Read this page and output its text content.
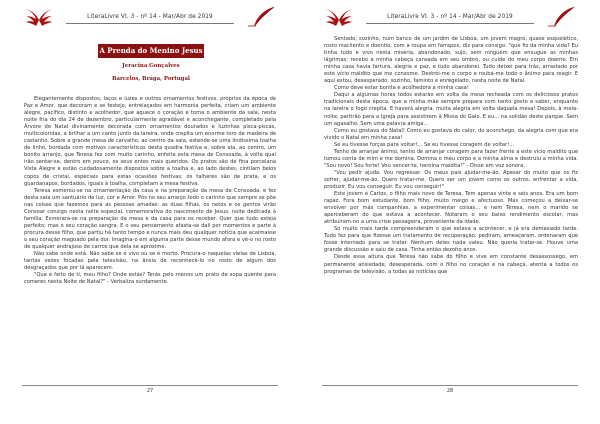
LiteraLivre VI. 3 - nº 14 - Mar/Abr de 2019
A Prenda do Menino Jesus
Jeracina Gonçalves
Barcelos, Braga, Portugal

Elegantemente dispostos, laços e luzes e outros ornamentos festivos, próprios da época de Paz e Amor, que decoram e se festejo, entrelaçados em harmonia perfeita, criam um ambiente alegre, pacífico, distinto e acolhedor, que aquece o coração e toma o ambiente da sala, nesta noite fria do dia 24 de dezembro, particularmente agradável e aconchegante, completado pela Árvore de Natal divinamente decorada com ornamentos dourados e luzinhas pisca-piscas, multicoloridas, a brilhar a um canto junto da lareira, onde crepita um enorme toro de madeira de castanho. Sobre a grande mesa de carvalho, ao centro da sala, estende-se uma lindíssima toalha de linho, bordada com motivos característicos desta quadra festiva e, sobre ela, ao centro, um bonito arranjo, que Teresa fez com muito carinho, enfeita esta mesa de Consoada, à volta qual irão sentar-se, dentro em pouco, os seus entes mais queridos. Os pratos são de fina porcelana Vista Alegre e estão cuidadosamente dispostos sobre a toalha e, ao lado destes, cintilam belos copos de cristal, especiais para estas ocasiões festivas; os talheres são de prata, e os guardanapos, bordados, iguais à toalha, completam a mesa festiva.

Teresa esmerou-se na ornamentação da casa e na preparação da mesa de Consoada, e fez desta sala um santuário de luz, cor e Amor. Pôs no seu arranjo todo o carinho que sempre se põe nas coisas que fazemos para as pessoas amadas: as duas filhas, os netos e os genros virão Consoar consigo nesta noite especial, comemorativa do nascimento de Jesus; noite dedicada à família. Esmerara-se na preparação da mesa e da casa para os receber. Quer que tudo esteja perfeito; mas o seu coração sangra. E o seu pensamento afasta-se dali por momentos e parte à procura desse filho, que partiu há tanto tempo e nunca mais deu qualquer notícia que acalmasse o seu coração magoado pela dor. Imagina-o em alguma parte desse mundo afora e vê-o no rosto de qualquer andrajoso de carros que dela se aproxime.

Não sabe onde está. Não sabe se é vivo ou se é morto. Procura-o naquelas vielas de Lisboa, tantas vezes focadas pela televisão, na ânsia de reconhecê-lo no rosto de algum dos desgraçados que por lá aparecem.

"Que é feito de ti, meu filho? Onde estás? Terás pelo menos um prato de sopa quente para comeres nesta Noite de Natal?" - Verbaliza surdamente.

27
LiteraLivre VI. 3 - nº 14 - Mar/Abr de 2019

Sentado, sozinho, num banco de um jardim de Lisboa, um jovem magro, quase esquelético, rosto macilento e doentio, com a roupa em farrapos, diz para consigo: "que fiz da minha vida? Eu tinha tudo e vivo nesta miséria, abandonado, sujo, sem ninguém que enxugue as minhas lágrimas; recebo a minha cabeça cansada em seu ombro, ou cuide do meu corpo doente. Em minha casa havia fartura, alegria e paz, e tudo abandonei. Tudo deixei para trás, arrastado por este vício maldito que me consome. Destrói-me o corpo e rouba-me todo o ânimo para reagir. E aqui estou, desesperado, sozinho, faminto e enregelado, nesta noite de Natal.

Como deve estar bonita e acolhedora a minha casa!

Daqui a algumas horas todos estarão em volta da mesa recheada com os deliciosos pratos tradicionais desta época, que a minha mãe sempre prepara com tanto gosto e saber, enquanto na lareira o fogo crepita. E haverá alegria, muita alegria em volta daquela mesa! Depois, à meia-noite, partirão para a Igreja para assistirem à Missa do Galo. E eu... na solidão deste parque. Sem um agasalho. Sem uma palavra amiga...

Como eu gostava do Natal! Como eu gostava do calor, do aconchego, da alegria com que era vivido o Natal em minha casa!

Se eu tivesse forças para voltar!... Se eu tivesse coragem de voltar!...

Tenho de arranjar ânimo; tenho de arranjar coragem para fazer frente a este vício maldito que tomou conta de mim e me domina. Domina o meu corpo e a minha alma e destruiu a minha vida. "Sou novo! Sou forte! Vou vencer-te, heroína maldita!" - Disse em voz sonora.

"Vou pedir ajuda. Vou regressar. Os meus pais ajudar-me-ão. Apesar do muito que os fiz sofrer, ajudar-me-ão. Quero tratar-me. Quero ser um jovem como os outros, enfrentar a vida, produzir. Eu vou conseguir. Eu vou conseguir!"

Este jovem é Carlos, o filho mais novo de Teresa. Tem apenas vinte e seis anos. Era um bom rapaz. Fora bom estudante, bom filho, muito meigo e afectuoso. Mas começou a deixar-se envolver por más companhias, a experimentar coisas... e nem Teresa, nem o marido se aperceberam do que estava a acontecer. Notaram o seu baixo rendimento escolar, mas atribuíram-no a uma crise passageira, proveniente da idade.

Só muito mais tarde compreenderam o que estava a acontecer, e já era demasiado tarde. Tudo fez para que fizesse um tratamento de recuperação: pediram, ameaçaram, ordenaram que fosse internado para se tratar. Nenhum deles nada valeu. Não queria tratar-se. Houve uma grande discussão e saiu de casa. Tinha então dezoito anos.

Desde essa altura que Teresa não sabe do filho e vive em constante desassossego, em permanente ansiedade, desesperada, com o filho no coração e na cabeça, atenta a todos os programas de televisão, a todas as notícias que

28
